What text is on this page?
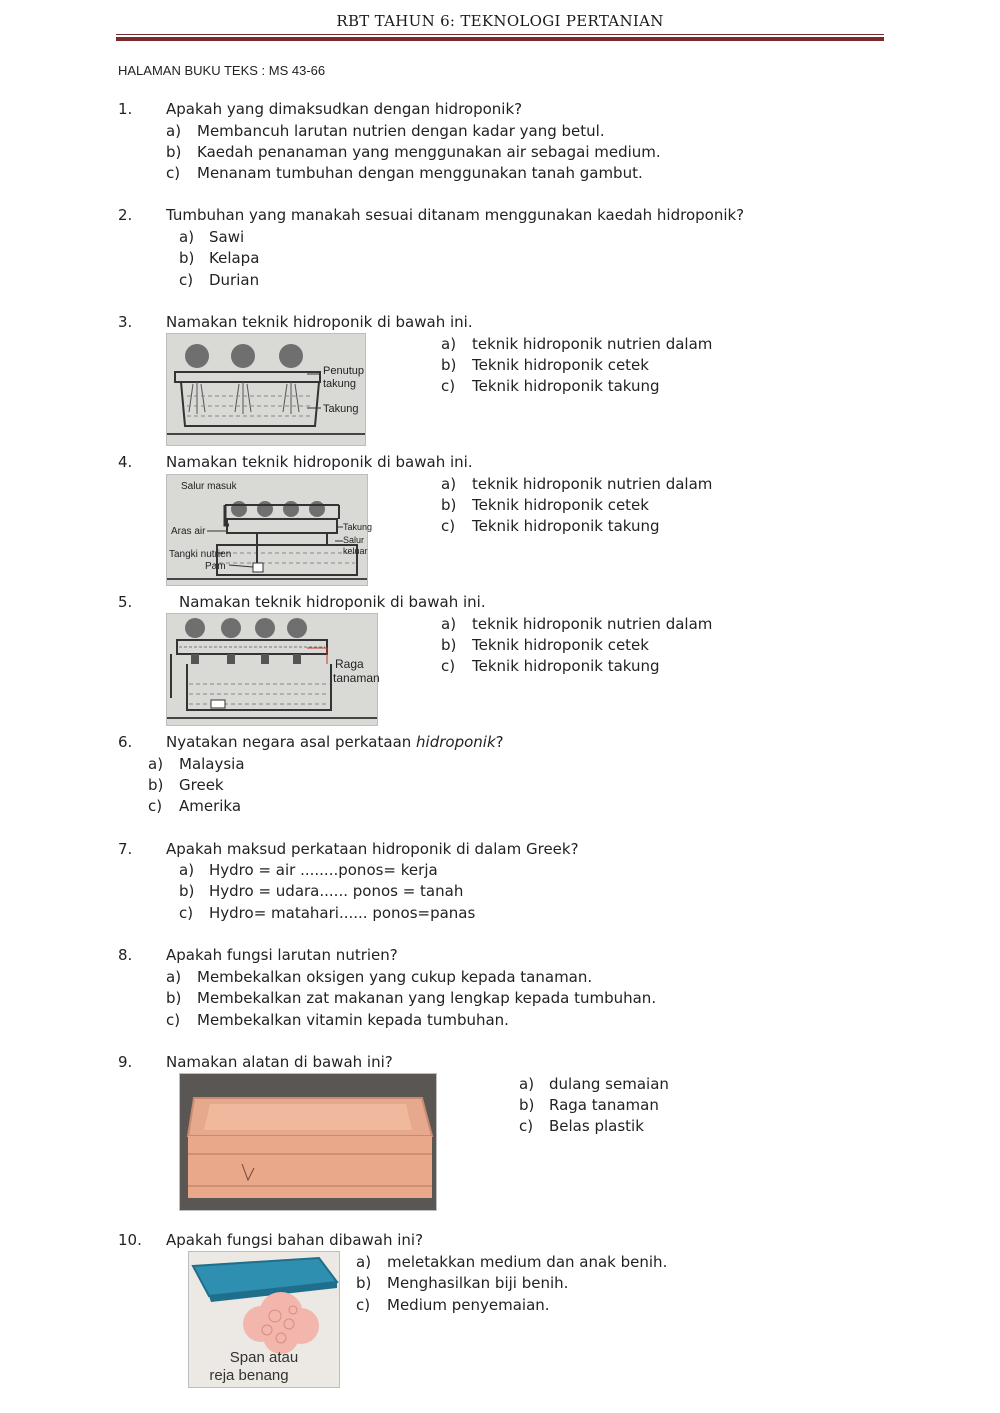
RBT TAHUN 6: TEKNOLOGI PERTANIAN
HALAMAN BUKU TEKS : MS 43-66
1. Apakah yang dimaksudkan dengan hidroponik?
a) Membancuh larutan nutrien dengan kadar yang betul.
b) Kaedah penanaman yang menggunakan air sebagai medium.
c) Menanam tumbuhan dengan menggunakan tanah gambut.
2. Tumbuhan yang manakah sesuai ditanam menggunakan kaedah hidroponik?
a) Sawi
b) Kelapa
c) Durian
3. Namakan teknik hidroponik di bawah ini.
Penutup
takung
Takung
a) teknik hidroponik nutrien dalam
b) Teknik hidroponik cetek
c) Teknik hidroponik takung
4. Namakan teknik hidroponik di bawah ini.
Salur masuk
Aras air
Tangki nutrien
Pam
Takung
Salur
keluar
a) teknik hidroponik nutrien dalam
b) Teknik hidroponik cetek
c) Teknik hidroponik takung
5.	Namakan teknik hidroponik di bawah ini.
Raga
tanaman
a) teknik hidroponik nutrien dalam
b) Teknik hidroponik cetek
c) Teknik hidroponik takung
6. Nyatakan negara asal perkataan hidroponik?
a) Malaysia
b) Greek
c) Amerika
7. Apakah maksud perkataan hidroponik di dalam Greek?
a) Hydro = air ........ponos= kerja
b) Hydro = udara...... ponos = tanah
c) Hydro= matahari...... ponos=panas
8. Apakah fungsi larutan nutrien?
a) Membekalkan oksigen yang cukup kepada tanaman.
b) Membekalkan zat makanan yang lengkap kepada tumbuhan.
c) Membekalkan vitamin kepada tumbuhan.
9. Namakan alatan di bawah ini?
a) dulang semaian
b) Raga tanaman
c) Belas plastik
10. Apakah fungsi bahan dibawah ini?
Span atau
reja benang
a) meletakkan medium dan anak benih.
b) Menghasilkan biji benih.
c) Medium penyemaian.
